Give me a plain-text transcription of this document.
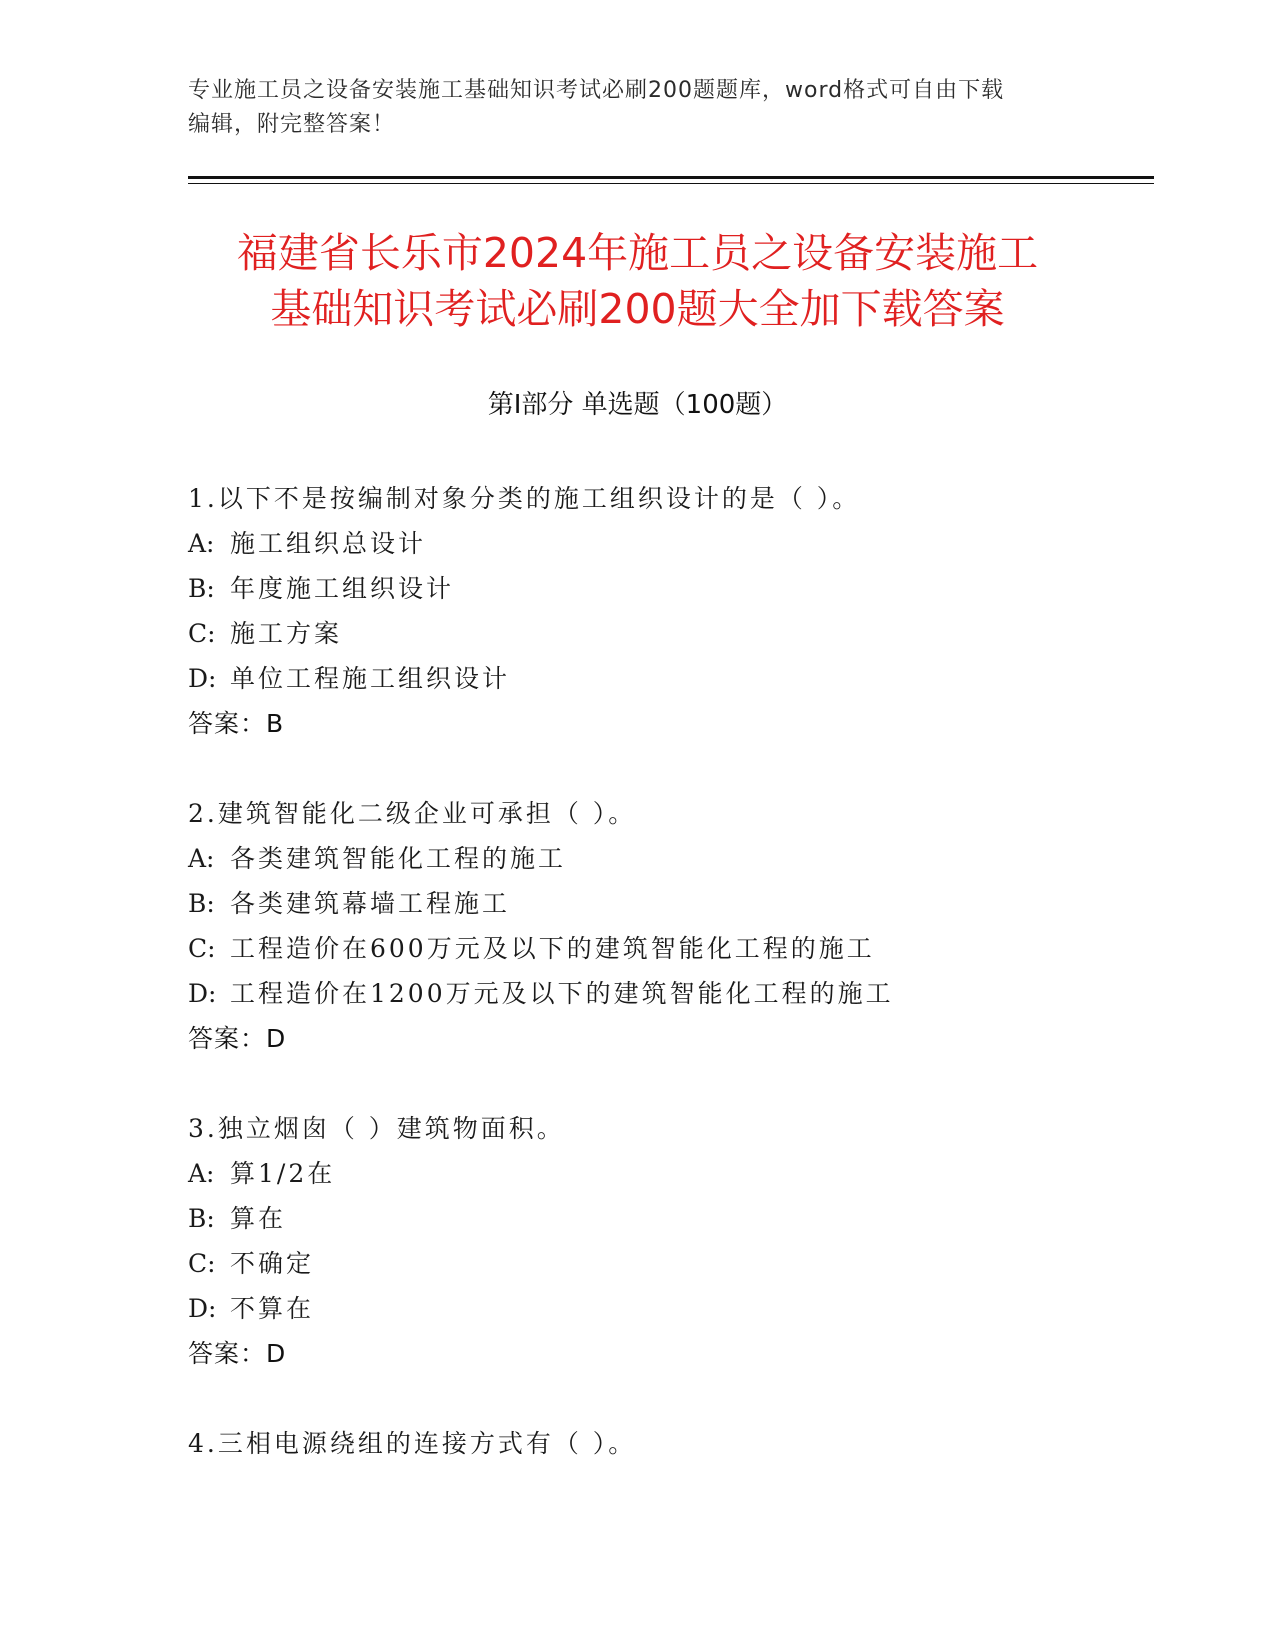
专业施工员之设备安装施工基础知识考试必刷200题题库，word格式可自由下载
编辑，附完整答案！
福建省长乐市2024年施工员之设备安装施工
基础知识考试必刷200题大全加下载答案
第Ⅰ部分 单选题（100题）
1.以下不是按编制对象分类的施工组织设计的是（ ）。
A: 施工组织总设计
B: 年度施工组织设计
C: 施工方案
D: 单位工程施工组织设计
答案：B
2.建筑智能化二级企业可承担（ ）。
A: 各类建筑智能化工程的施工
B: 各类建筑幕墙工程施工
C: 工程造价在600万元及以下的建筑智能化工程的施工
D: 工程造价在1200万元及以下的建筑智能化工程的施工
答案：D
3.独立烟囱（ ）建筑物面积。
A: 算1/2在
B: 算在
C: 不确定
D: 不算在
答案：D
4.三相电源绕组的连接方式有（ ）。
